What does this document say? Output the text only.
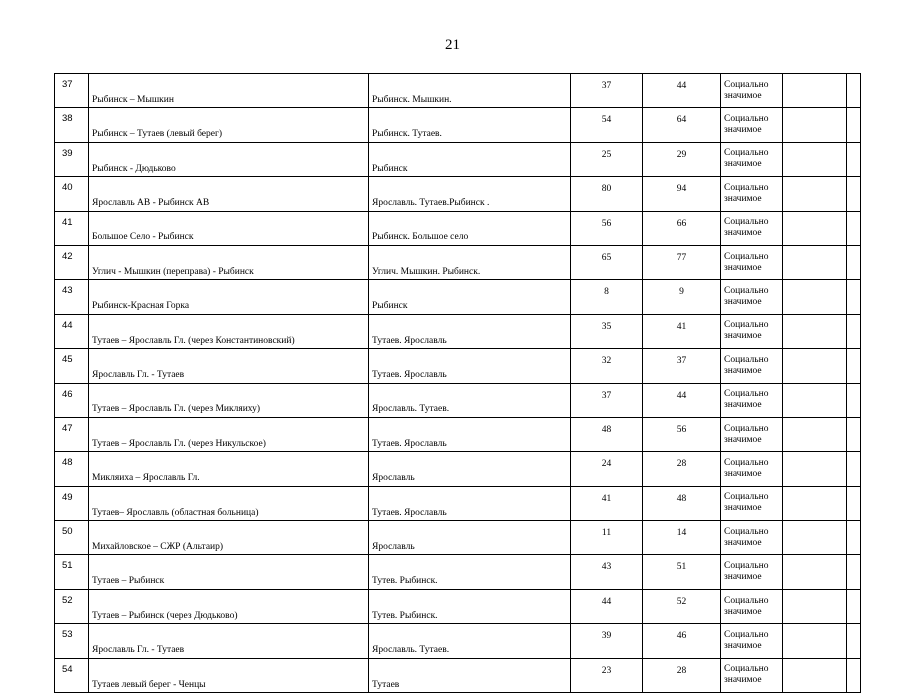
21
37	Рыбинск – Мышкин	Рыбинск. Мышкин.	37	44	Социально
значимое		

38	Рыбинск – Тутаев (левый берег)	Рыбинск. Тутаев.	54	64	Социально
значимое		

39	Рыбинск - Дюдьково	Рыбинск	25	29	Социально
значимое		

40	Ярославль АВ - Рыбинск АВ	Ярославль. Тутаев.Рыбинск .	80	94	Социально
значимое		

41	Большое Село - Рыбинск	Рыбинск. Большое село	56	66	Социально
значимое		

42	Углич - Мышкин (переправа) - Рыбинск	Углич. Мышкин. Рыбинск.	65	77	Социально
значимое		

43	Рыбинск-Красная Горка	Рыбинск	8	9	Социально
значимое		

44	Тутаев – Ярославль Гл. (через Константиновский)	Тутаев. Ярославль	35	41	Социально
значимое		

45	Ярославль Гл. - Тутаев	Тутаев. Ярославль	32	37	Социально
значимое		

46	Тутаев – Ярославль Гл. (через Микляиху)	Ярославль. Тутаев.	37	44	Социально
значимое		

47	Тутаев – Ярославль Гл. (через Никульское)	Тутаев. Ярославль	48	56	Социально
значимое		

48	Микляиха – Ярославль Гл.	Ярославль	24	28	Социально
значимое		

49	Тутаев– Ярославль (областная больница)	Тутаев. Ярославль	41	48	Социально
значимое		

50	Михайловское – СЖР (Альтаир)	Ярославль	11	14	Социально
значимое		

51	Тутаев – Рыбинск	Тутев. Рыбинск.	43	51	Социально
значимое		

52	Тутаев – Рыбинск (через Дюдьково)	Тутев. Рыбинск.	44	52	Социально
значимое		

53	Ярославль Гл. - Тутаев	Ярославль. Тутаев.	39	46	Социально
значимое		

54	Тутаев левый берег - Ченцы	Тутаев	23	28	Социально
значимое		
